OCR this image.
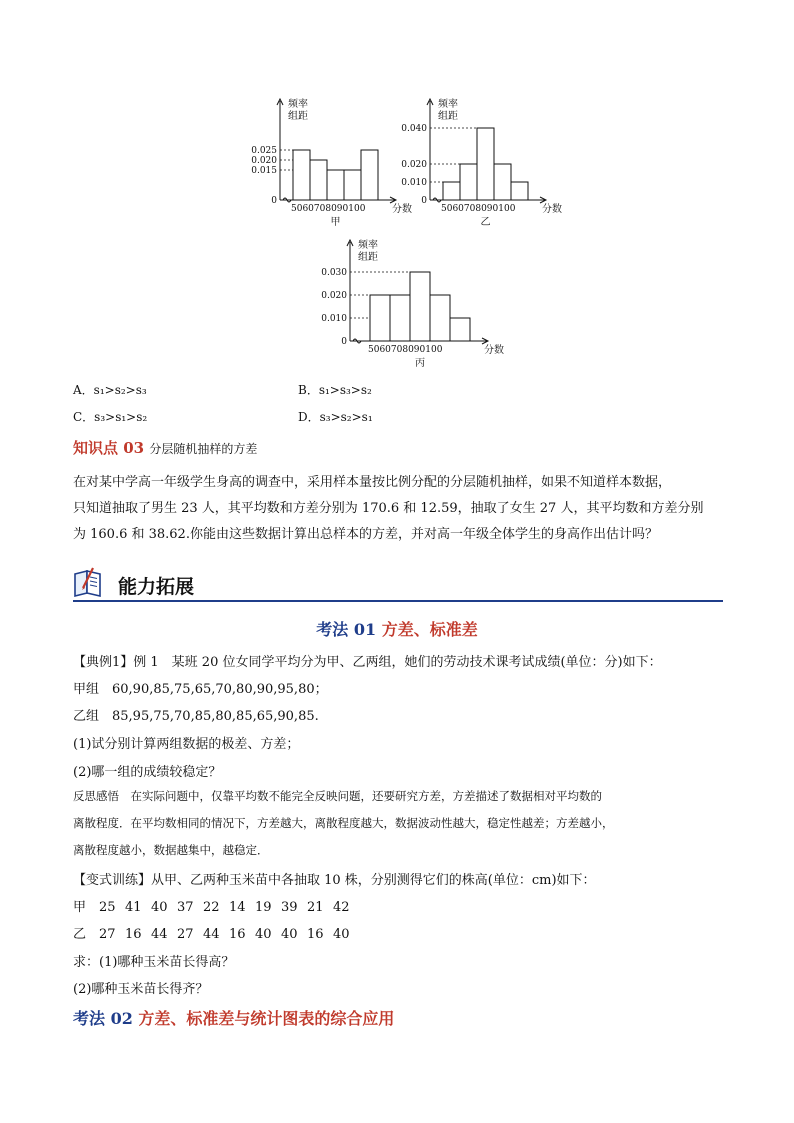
频率
组距
0
0.025
0.020
0.015
5060708090100	分数
甲
频率
组距
0
0.040
0.020
0.010
5060708090100	分数
乙
频率
组距
0
0.030
0.020
0.010
5060708090100	分数
丙
A．s₁>s₂>s₃	B．s₁>s₃>s₂
C．s₃>s₁>s₂	D．s₃>s₂>s₁
知识点 03 分层随机抽样的方差
在对某中学高一年级学生身高的调查中，采用样本量按比例分配的分层随机抽样，如果不知道样本数据，
只知道抽取了男生 23 人，其平均数和方差分别为 170.6 和 12.59，抽取了女生 27 人，其平均数和方差分别
为 160.6 和 38.62.你能由这些数据计算出总样本的方差，并对高一年级全体学生的身高作出估计吗？
能力拓展
考法 01 方差、标准差
【典例1】例 1　某班 20 位女同学平均分为甲、乙两组，她们的劳动技术课考试成绩(单位：分)如下：
甲组　60,90,85,75,65,70,80,90,95,80；
乙组　85,95,75,70,85,80,85,65,90,85.
(1)试分别计算两组数据的极差、方差；
(2)哪一组的成绩较稳定？
反思感悟　在实际问题中，仅靠平均数不能完全反映问题，还要研究方差，方差描述了数据相对平均数的
离散程度．在平均数相同的情况下，方差越大，离散程度越大，数据波动性越大，稳定性越差；方差越小，
离散程度越小，数据越集中，越稳定．
【变式训练】从甲、乙两种玉米苗中各抽取 10 株，分别测得它们的株高(单位：cm)如下：
甲 25 41 40 37 22 14 19 39 21 42
乙 27 16 44 27 44 16 40 40 16 40
求：(1)哪种玉米苗长得高？
(2)哪种玉米苗长得齐？
考法 02 方差、标准差与统计图表的综合应用
